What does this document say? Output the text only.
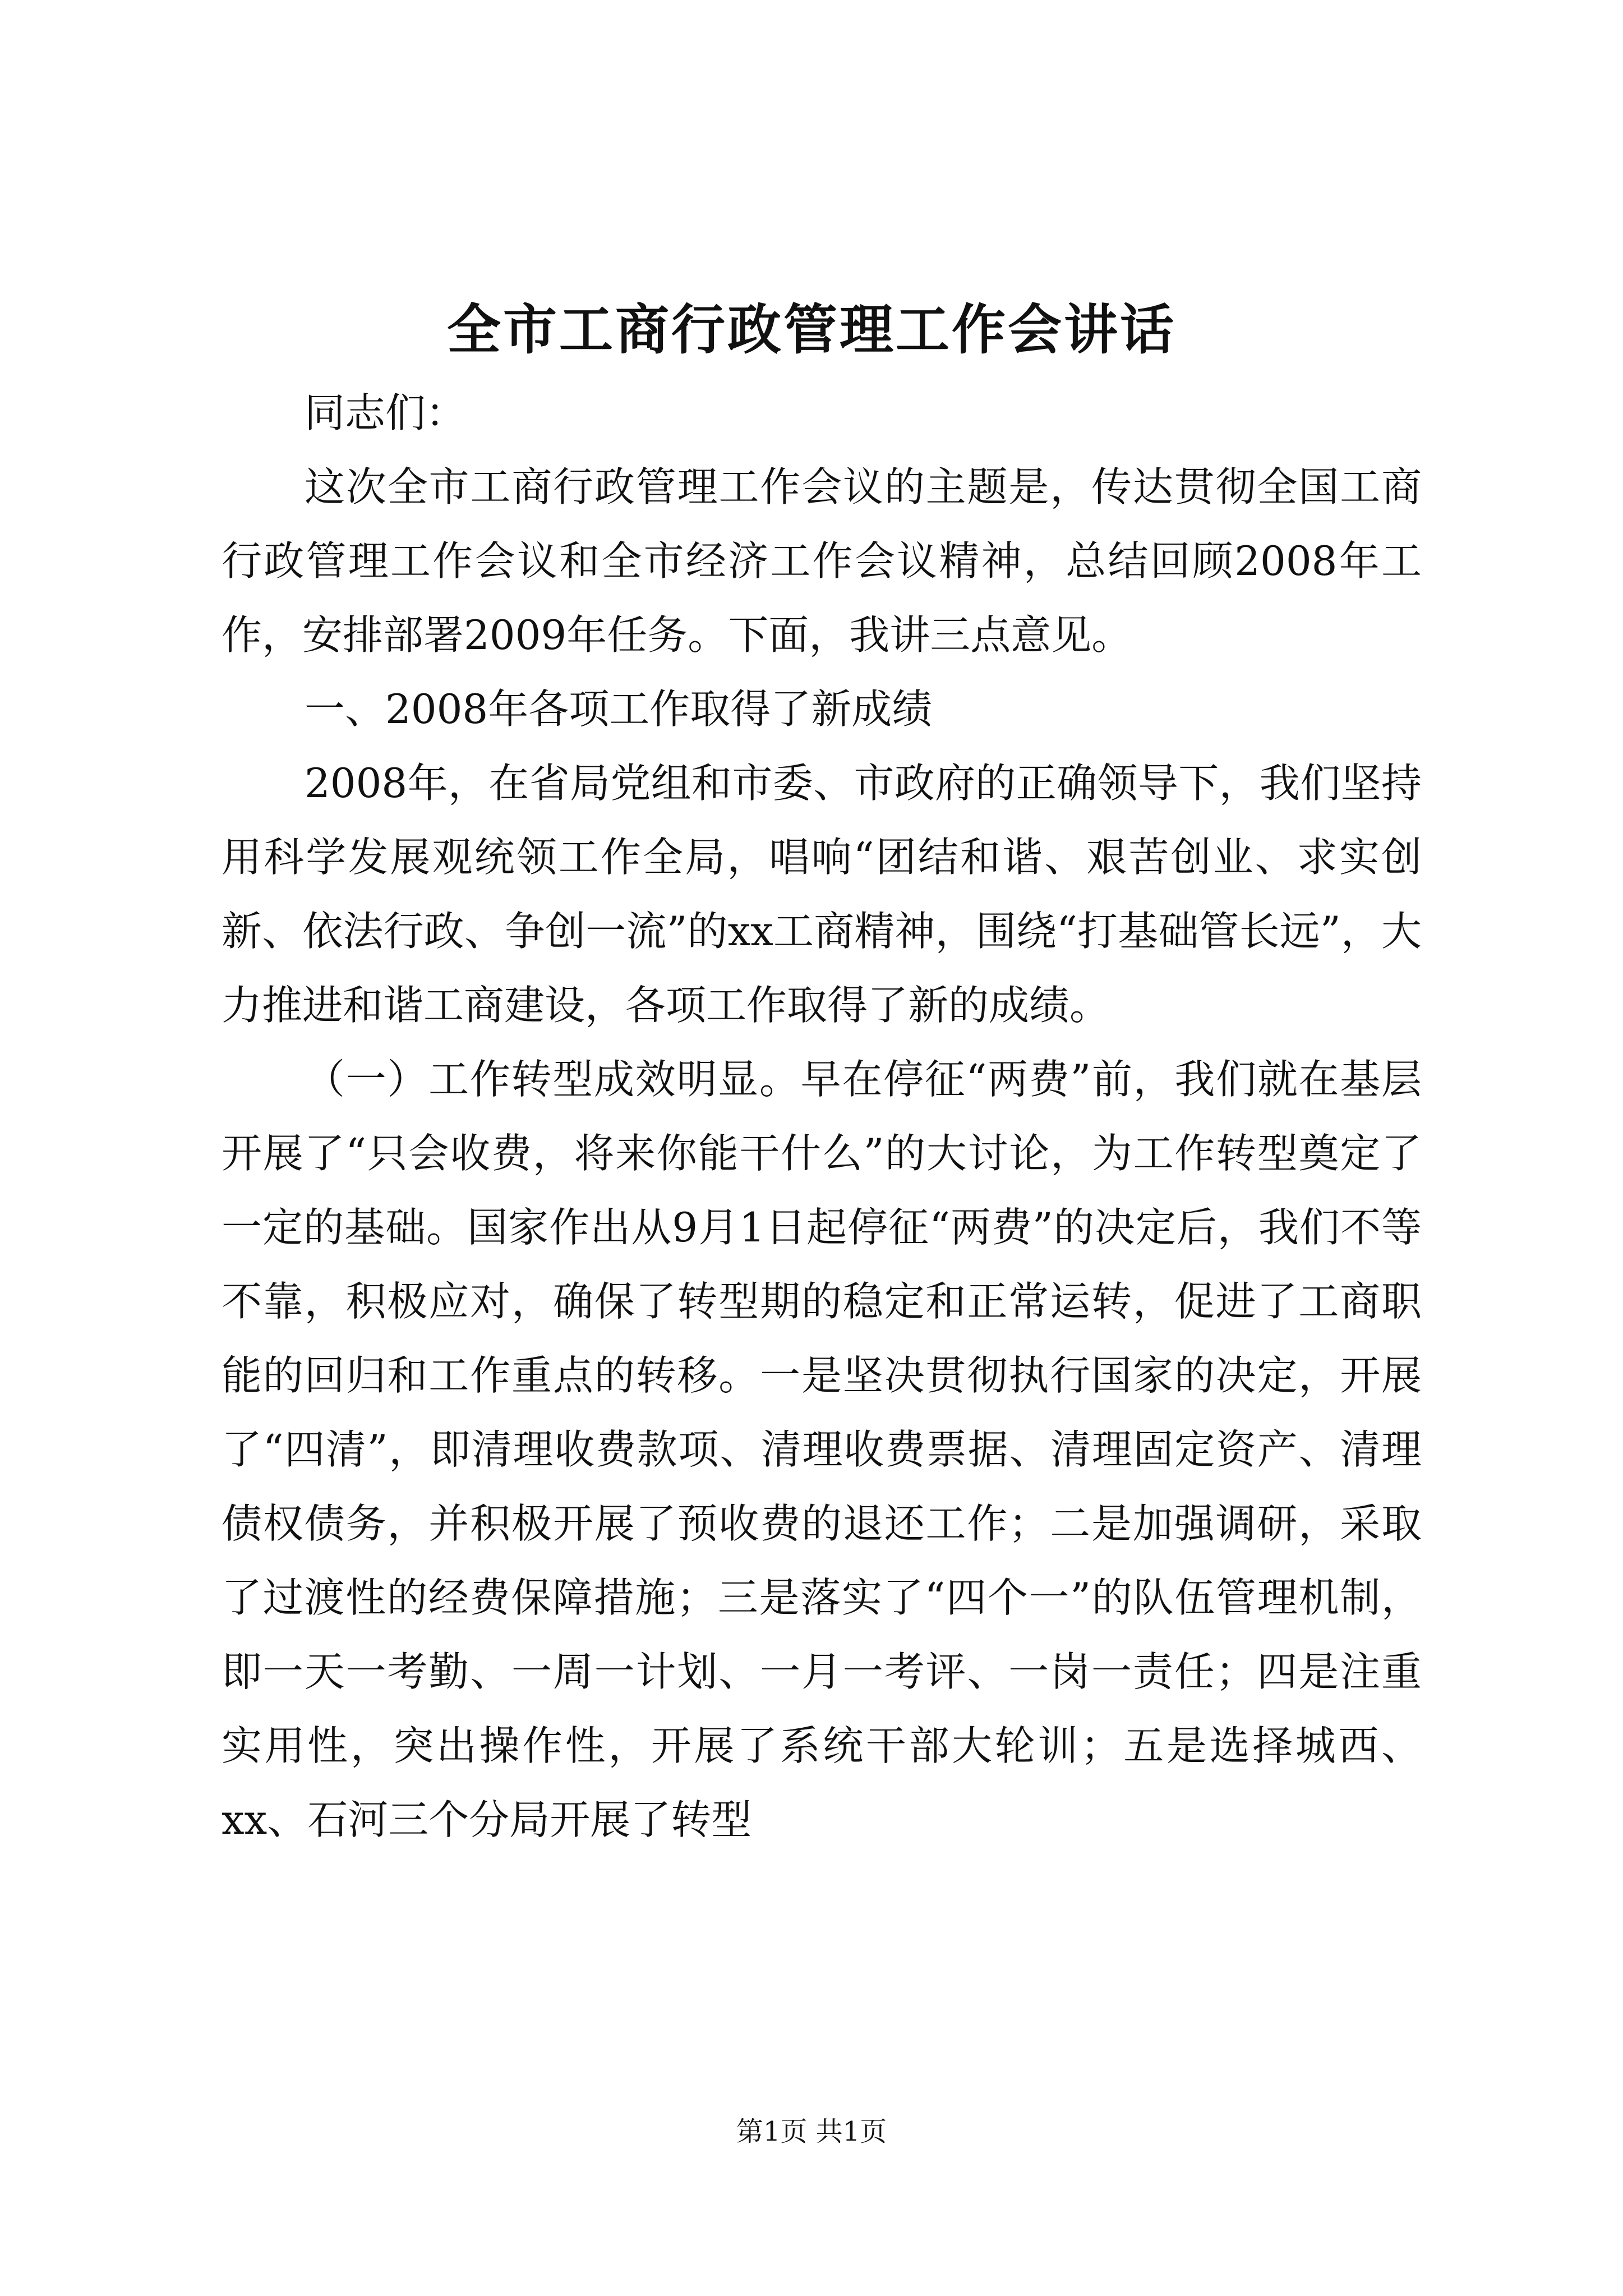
全市工商行政管理工作会讲话

同志们：

这次全市工商行政管理工作会议的主题是，传达贯彻全国工商行政管理工作会议和全市经济工作会议精神，总结回顾2008年工作，安排部署2009年任务。下面，我讲三点意见。

一、2008年各项工作取得了新成绩

2008年，在省局党组和市委、市政府的正确领导下，我们坚持用科学发展观统领工作全局，唱响“团结和谐、艰苦创业、求实创新、依法行政、争创一流”的xx工商精神，围绕“打基础管长远”，大力推进和谐工商建设，各项工作取得了新的成绩。

（一）工作转型成效明显。早在停征“两费”前，我们就在基层开展了“只会收费，将来你能干什么”的大讨论，为工作转型奠定了一定的基础。国家作出从9月1日起停征“两费”的决定后，我们不等不靠，积极应对，确保了转型期的稳定和正常运转，促进了工商职能的回归和工作重点的转移。一是坚决贯彻执行国家的决定，开展了“四清”，即清理收费款项、清理收费票据、清理固定资产、清理债权债务，并积极开展了预收费的退还工作；二是加强调研，采取了过渡性的经费保障措施；三是落实了“四个一”的队伍管理机制，即一天一考勤、一周一计划、一月一考评、一岗一责任；四是注重实用性，突出操作性，开展了系统干部大轮训；五是选择城西、xx、石河三个分局开展了转型

第1页 共1页
